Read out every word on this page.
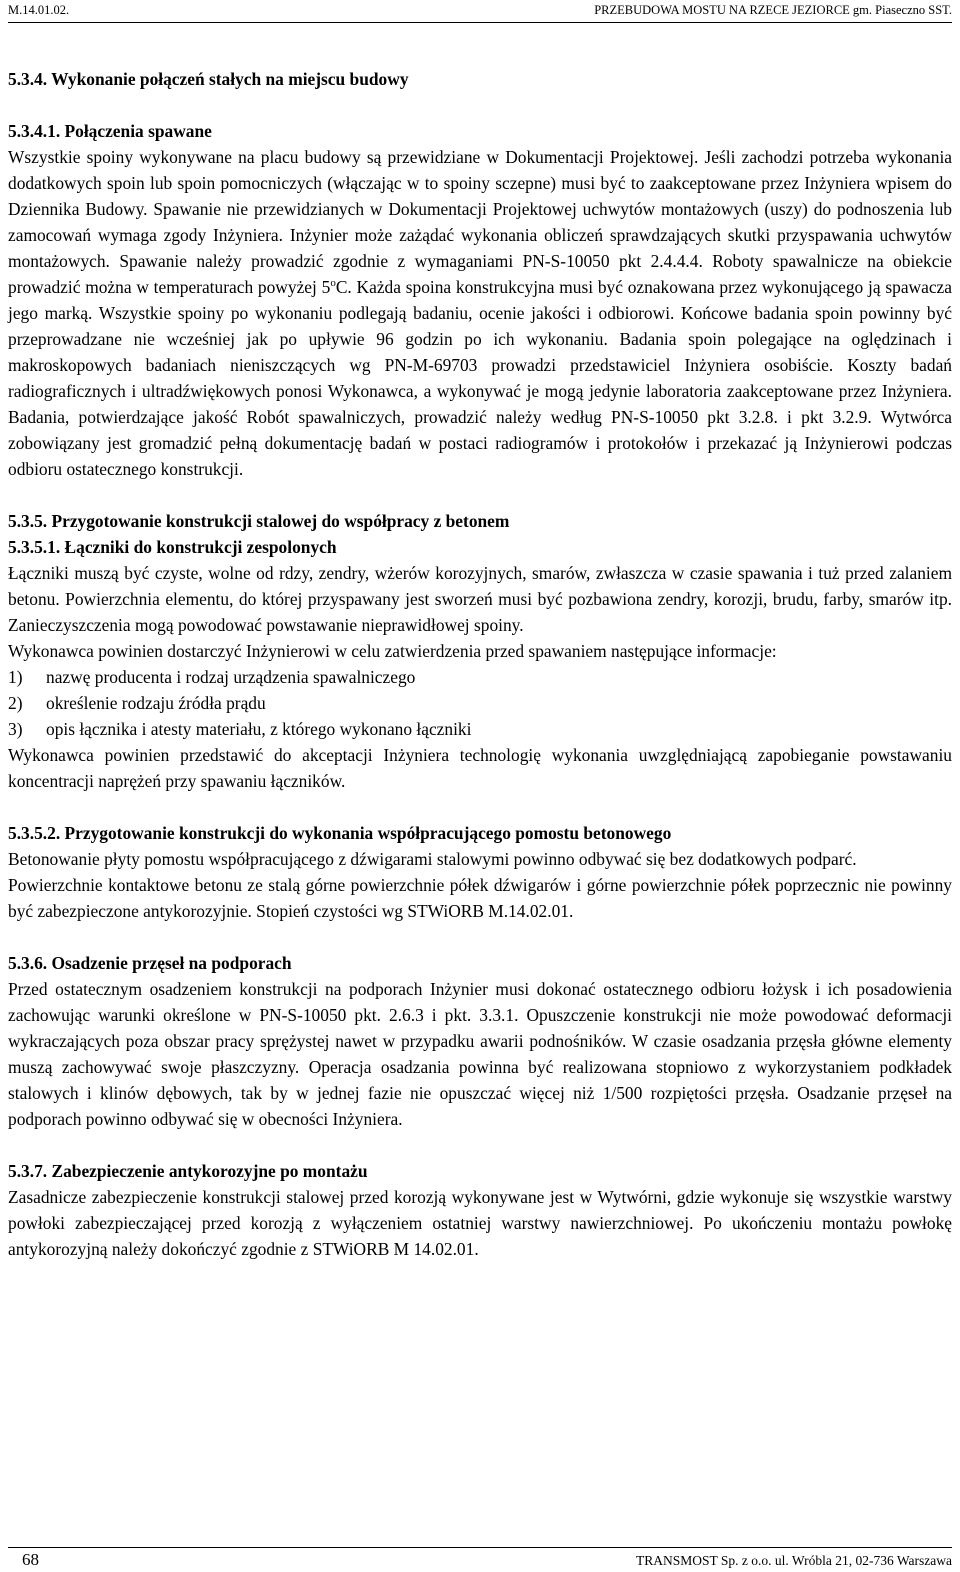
M.14.01.02.	PRZEBUDOWA MOSTU NA RZECE JEZIORCE gm. Piaseczno SST.
5.3.4. Wykonanie połączeń stałych na miejscu budowy
5.3.4.1. Połączenia spawane

Wszystkie spoiny wykonywane na placu budowy są przewidziane w Dokumentacji Projektowej. Jeśli zachodzi potrzeba wykonania dodatkowych spoin lub spoin pomocniczych (włączając w to spoiny sczepne) musi być to zaakceptowane przez Inżyniera wpisem do Dziennika Budowy. Spawanie nie przewidzianych w Dokumentacji Projektowej uchwytów montażowych (uszy) do podnoszenia lub zamocowań wymaga zgody Inżyniera. Inżynier może zażądać wykonania obliczeń sprawdzających skutki przyspawania uchwytów montażowych. Spawanie należy prowadzić zgodnie z wymaganiami PN-S-10050 pkt 2.4.4.4. Roboty spawalnicze na obiekcie prowadzić można w temperaturach powyżej 5$^o$C. Każda spoina konstrukcyjna musi być oznakowana przez wykonującego ją spawacza jego marką. Wszystkie spoiny po wykonaniu podlegają badaniu, ocenie jakości i odbiorowi. Końcowe badania spoin powinny być przeprowadzane nie wcześniej jak po upływie 96 godzin po ich wykonaniu. Badania spoin polegające na oględzinach i makroskopowych badaniach nieniszczących wg PN-M-69703 prowadzi przedstawiciel Inżyniera osobiście. Koszty badań radiograficznych i ultradźwiękowych ponosi Wykonawca, a wykonywać je mogą jedynie laboratoria zaakceptowane przez Inżyniera. Badania, potwierdzające jakość Robót spawalniczych, prowadzić należy według PN-S-10050 pkt 3.2.8. i pkt 3.2.9. Wytwórca zobowiązany jest gromadzić pełną dokumentację badań w postaci radiogramów i protokołów i przekazać ją Inżynierowi podczas odbioru ostatecznego konstrukcji.

5.3.5. Przygotowanie konstrukcji stalowej do współpracy z betonem
5.3.5.1. Łączniki do konstrukcji zespolonych

Łączniki muszą być czyste, wolne od rdzy, zendry, wżerów korozyjnych, smarów, zwłaszcza w czasie spawania i tuż przed zalaniem betonu. Powierzchnia elementu, do której przyspawany jest sworzeń musi być pozbawiona zendry, korozji, brudu, farby, smarów itp. Zanieczyszczenia mogą powodować powstawanie nieprawidłowej spoiny.

Wykonawca powinien dostarczyć Inżynierowi w celu zatwierdzenia przed spawaniem następujące informacje:

1)	nazwę producenta i rodzaj urządzenia spawalniczego
2)	określenie rodzaju źródła prądu
3)	opis łącznika i atesty materiału, z którego wykonano łączniki

Wykonawca powinien przedstawić do akceptacji Inżyniera technologię wykonania uwzględniającą zapobieganie powstawaniu koncentracji naprężeń przy spawaniu łączników.

5.3.5.2. Przygotowanie konstrukcji do wykonania współpracującego pomostu betonowego

Betonowanie płyty pomostu współpracującego z dźwigarami stalowymi powinno odbywać się bez dodatkowych podparć.

Powierzchnie kontaktowe betonu ze stalą górne powierzchnie półek dźwigarów i górne powierzchnie półek poprzecznic nie powinny być zabezpieczone antykorozyjnie. Stopień czystości wg STWiORB M.14.02.01.

5.3.6. Osadzenie przęseł na podporach

Przed ostatecznym osadzeniem konstrukcji na podporach Inżynier musi dokonać ostatecznego odbioru łożysk i ich posadowienia zachowując warunki określone w PN-S-10050 pkt. 2.6.3 i pkt. 3.3.1. Opuszczenie konstrukcji nie może powodować deformacji wykraczających poza obszar pracy sprężystej nawet w przypadku awarii podnośników. W czasie osadzania przęsła główne elementy muszą zachowywać swoje płaszczyzny. Operacja osadzania powinna być realizowana stopniowo z wykorzystaniem podkładek stalowych i klinów dębowych, tak by w jednej fazie nie opuszczać więcej niż 1/500 rozpiętości przęsła. Osadzanie przęseł na podporach powinno odbywać się w obecności Inżyniera.

5.3.7. Zabezpieczenie antykorozyjne po montażu

Zasadnicze zabezpieczenie konstrukcji stalowej przed korozją wykonywane jest w Wytwórni, gdzie wykonuje się wszystkie warstwy powłoki zabezpieczającej przed korozją z wyłączeniem ostatniej warstwy nawierzchniowej. Po ukończeniu montażu powłokę antykorozyjną należy dokończyć zgodnie z STWiORB M 14.02.01.

68	TRANSMOST Sp. z o.o. ul. Wróbla 21, 02-736 Warszawa
